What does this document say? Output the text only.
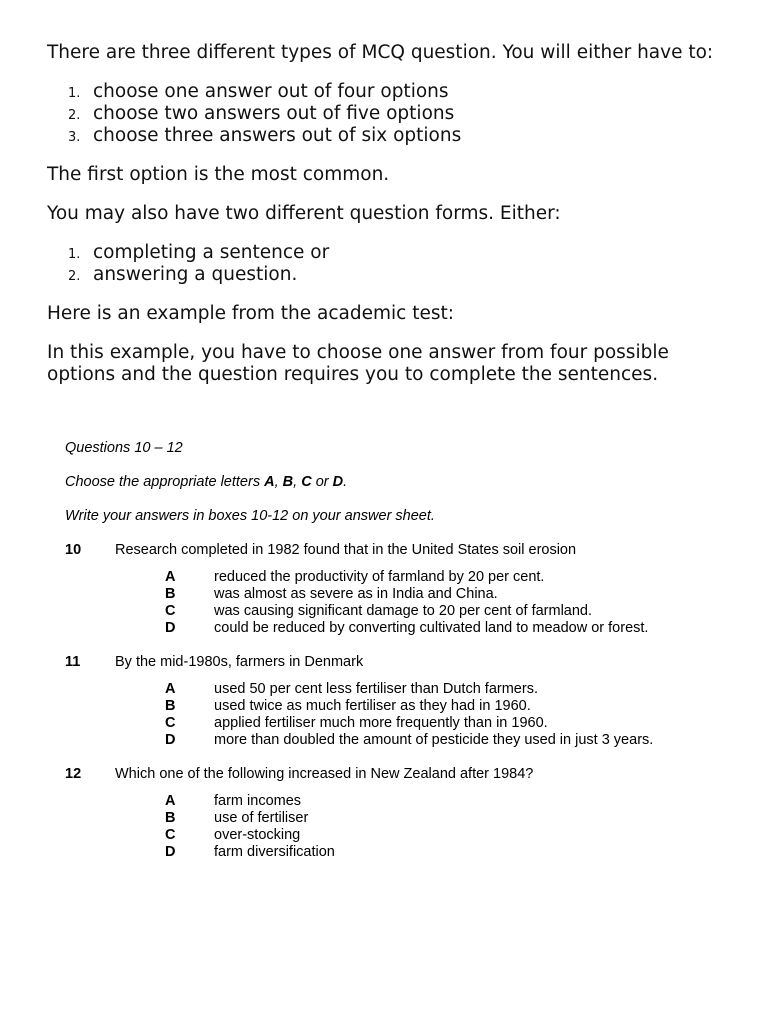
There are three different types of MCQ question. You will either have to:

1. choose one answer out of four options
2. choose two answers out of five options
3. choose three answers out of six options

The first option is the most common.

You may also have two different question forms. Either:

1. completing a sentence or
2. answering a question.

Here is an example from the academic test:

In this example, you have to choose one answer from four possible options and the question requires you to complete the sentences.

Questions 10 – 12

Choose the appropriate letters A, B, C or D.

Write your answers in boxes 10-12 on your answer sheet.

10 Research completed in 1982 found that in the United States soil erosion
A	reduced the productivity of farmland by 20 per cent.
B	was almost as severe as in India and China.
C	was causing significant damage to 20 per cent of farmland.
D	could be reduced by converting cultivated land to meadow or forest.
11 By the mid-1980s, farmers in Denmark
A	used 50 per cent less fertiliser than Dutch farmers.
B	used twice as much fertiliser as they had in 1960.
C	applied fertiliser much more frequently than in 1960.
D	more than doubled the amount of pesticide they used in just 3 years.
12 Which one of the following increased in New Zealand after 1984?
A	farm incomes
B	use of fertiliser
C	over-stocking
D	farm diversification
